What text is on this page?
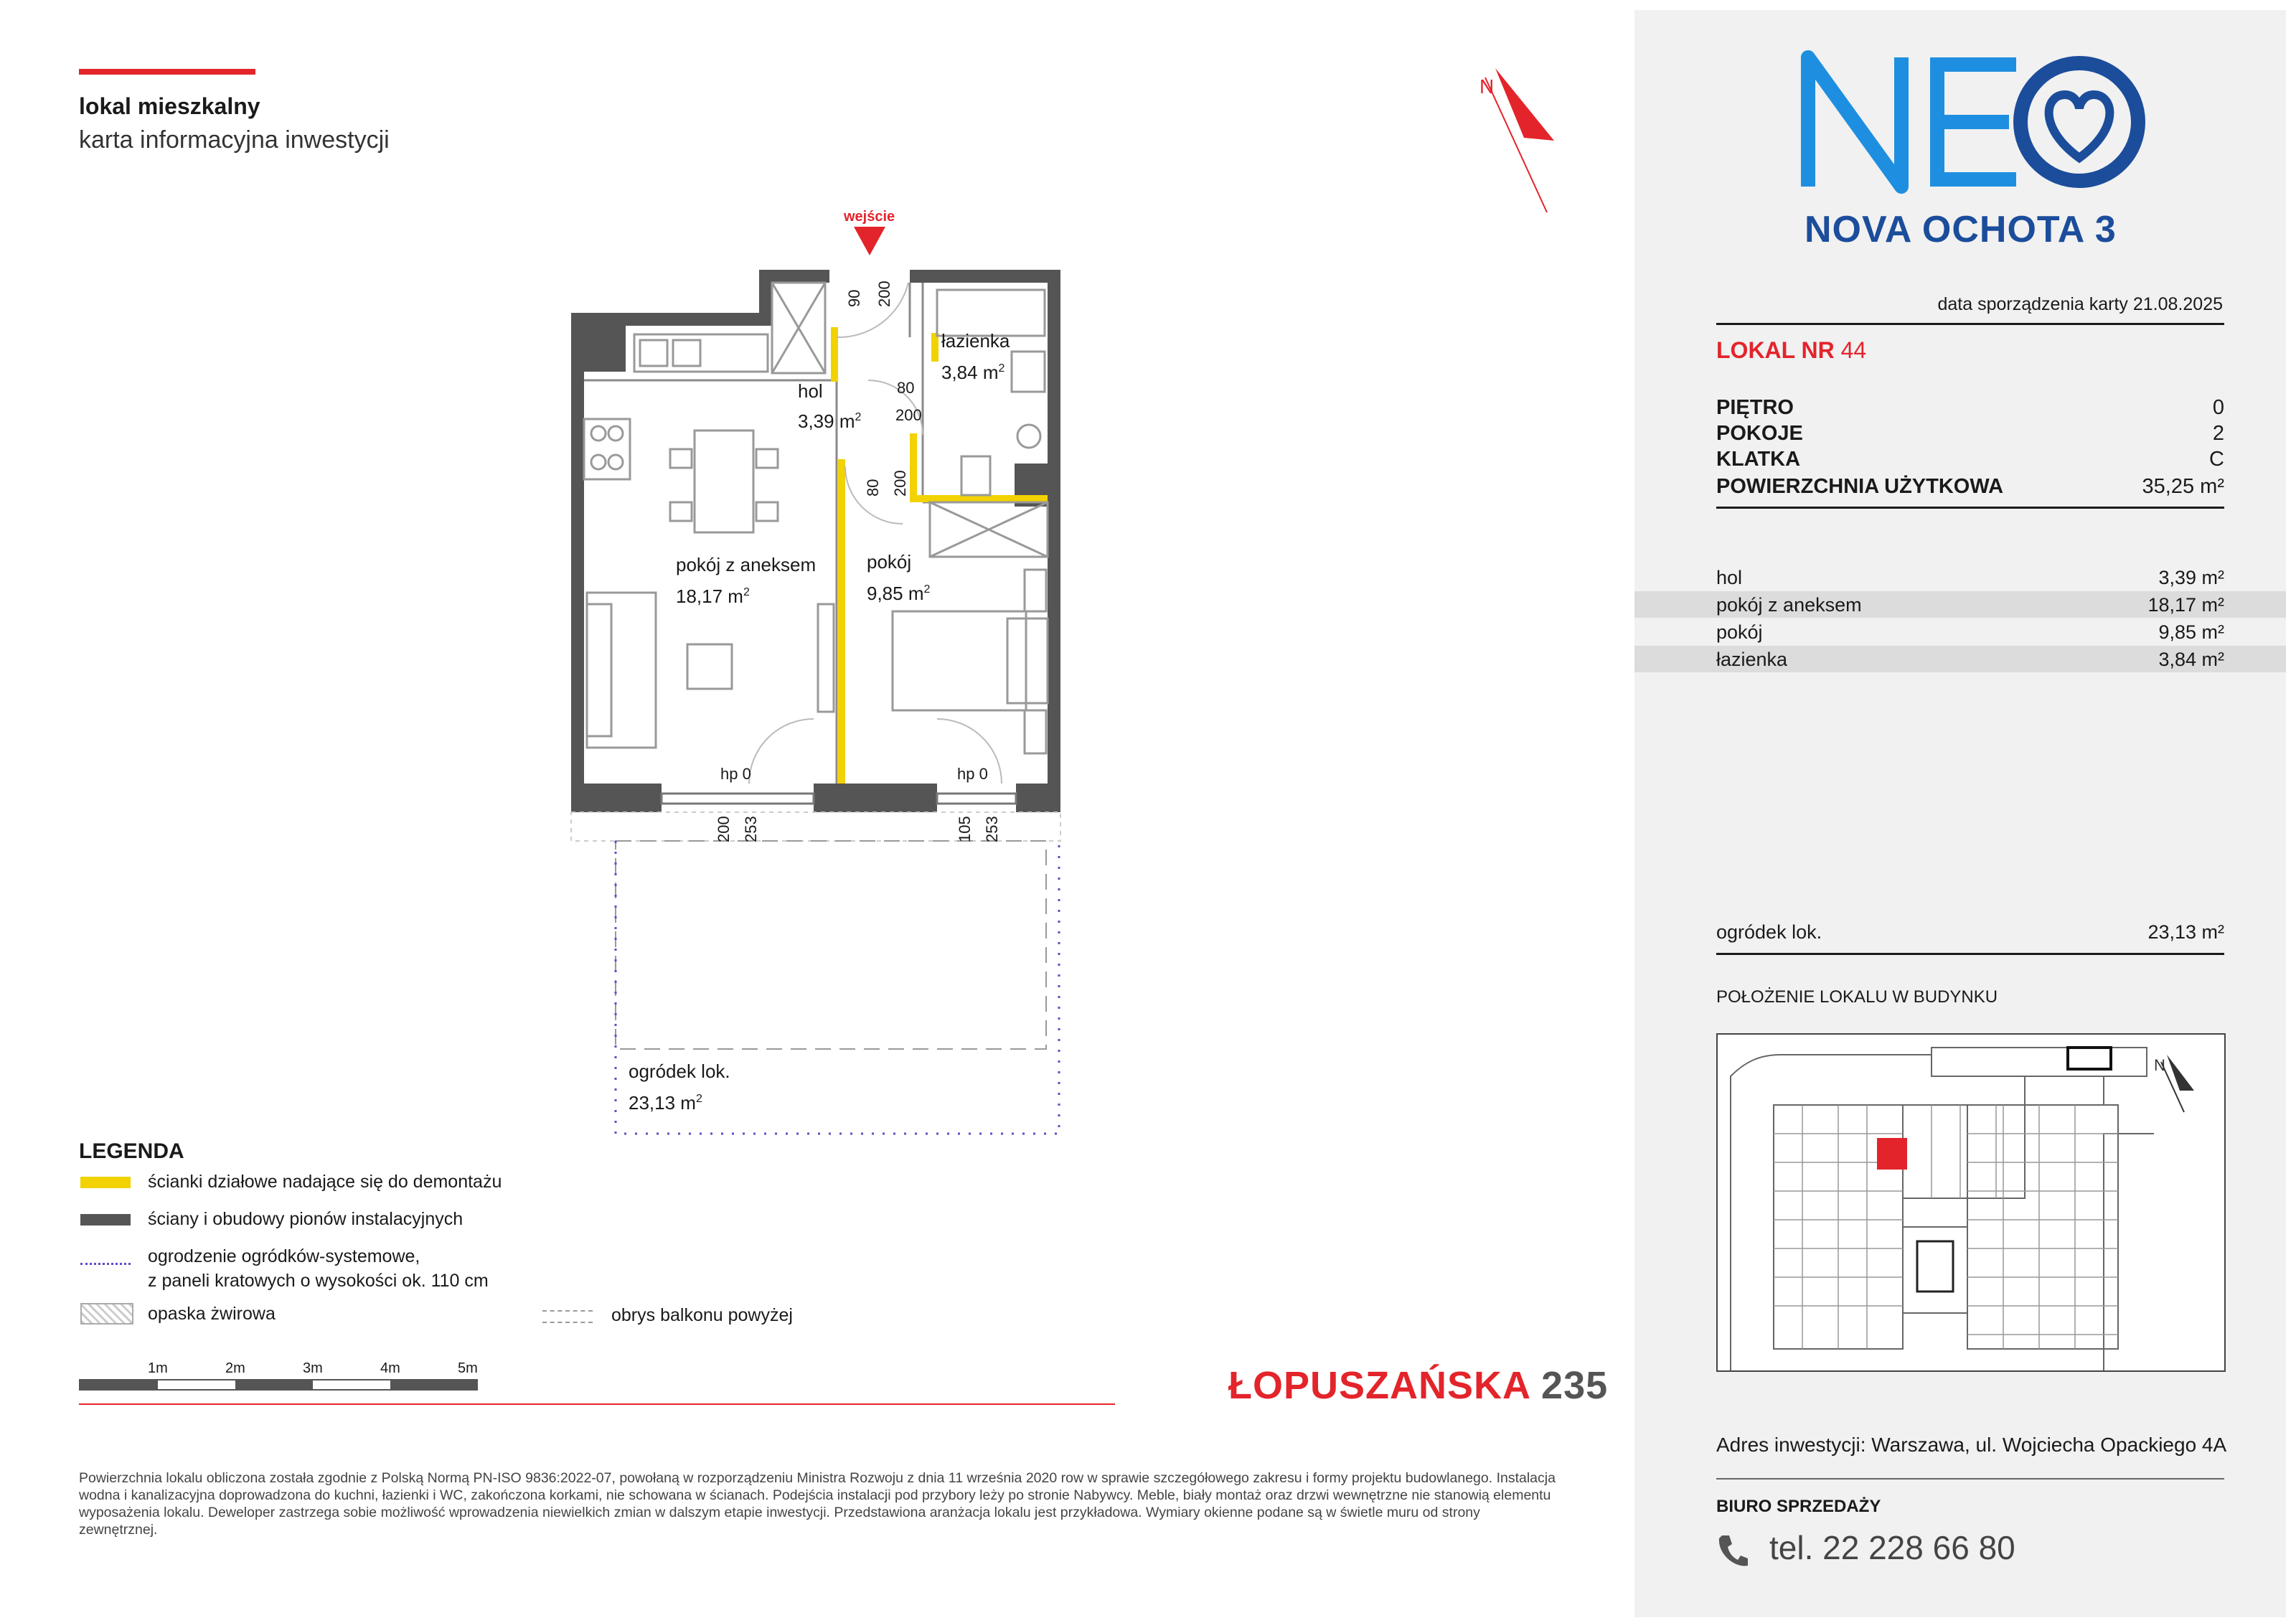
lokal mieszkalny
karta informacyjna inwestycji
N
wejście
90 200
80
200
80 200
200 253	105 253
hp 0	hp 0
hol
3,39 $m^2$
łazienka
3,84 $m^2$
pokój z aneksem
18,17 $m^2$
pokój
9,85 $m^2$
ogródek lok.
23,13 $m^2$
LEGENDA
ścianki działowe nadające się do demontażu
ściany i obudowy pionów instalacyjnych
ogrodzenie ogródków-systemowe,
z paneli kratowych o wysokości ok. 110 cm
opaska żwirowa	obrys balkonu powyżej
1m	2m	3m	4m	5m	ŁOPUSZAŃSKA 235
Powierzchnia lokalu obliczona została zgodnie z Polską Normą PN-ISO 9836:2022-07, powołaną w rozporządzeniu Ministra Rozwoju z dnia 11 września 2020 row w sprawie szczegółowego zakresu i formy projektu budowlanego. Instalacja wodna i kanalizacyjna doprowadzona do kuchni, łazienki i WC, zakończona korkami, nie schowana w ścianach. Podejścia instalacji pod przybory leży po stronie Nabywcy. Meble, biały montaż oraz drzwi wewnętrzne nie stanowią elementu wyposażenia lokalu. Deweloper zastrzega sobie możliwość wprowadzenia niewielkich zmian w dalszym etapie inwestycji. Przedstawiona aranżacja lokalu jest przykładowa. Wymiary okienne podane są w świetle muru od strony zewnętrznej.
NOVA OCHOTA 3
data sporządzenia karty 21.08.2025
LOKAL NR 44
PIĘTRO	0
POKOJE	2
KLATKA	C
POWIERZCHNIA UŻYTKOWA	35,25 m²
hol	3,39 m²
pokój z aneksem	18,17 m²
pokój	9,85 m²
łazienka	3,84 m²
ogródek lok.	23,13 m²
POŁOŻENIE LOKALU W BUDYNKU
N
Adres inwestycji: Warszawa, ul. Wojciecha Opackiego 4A
BIURO SPRZEDAŻY
tel. 22 228 66 80
